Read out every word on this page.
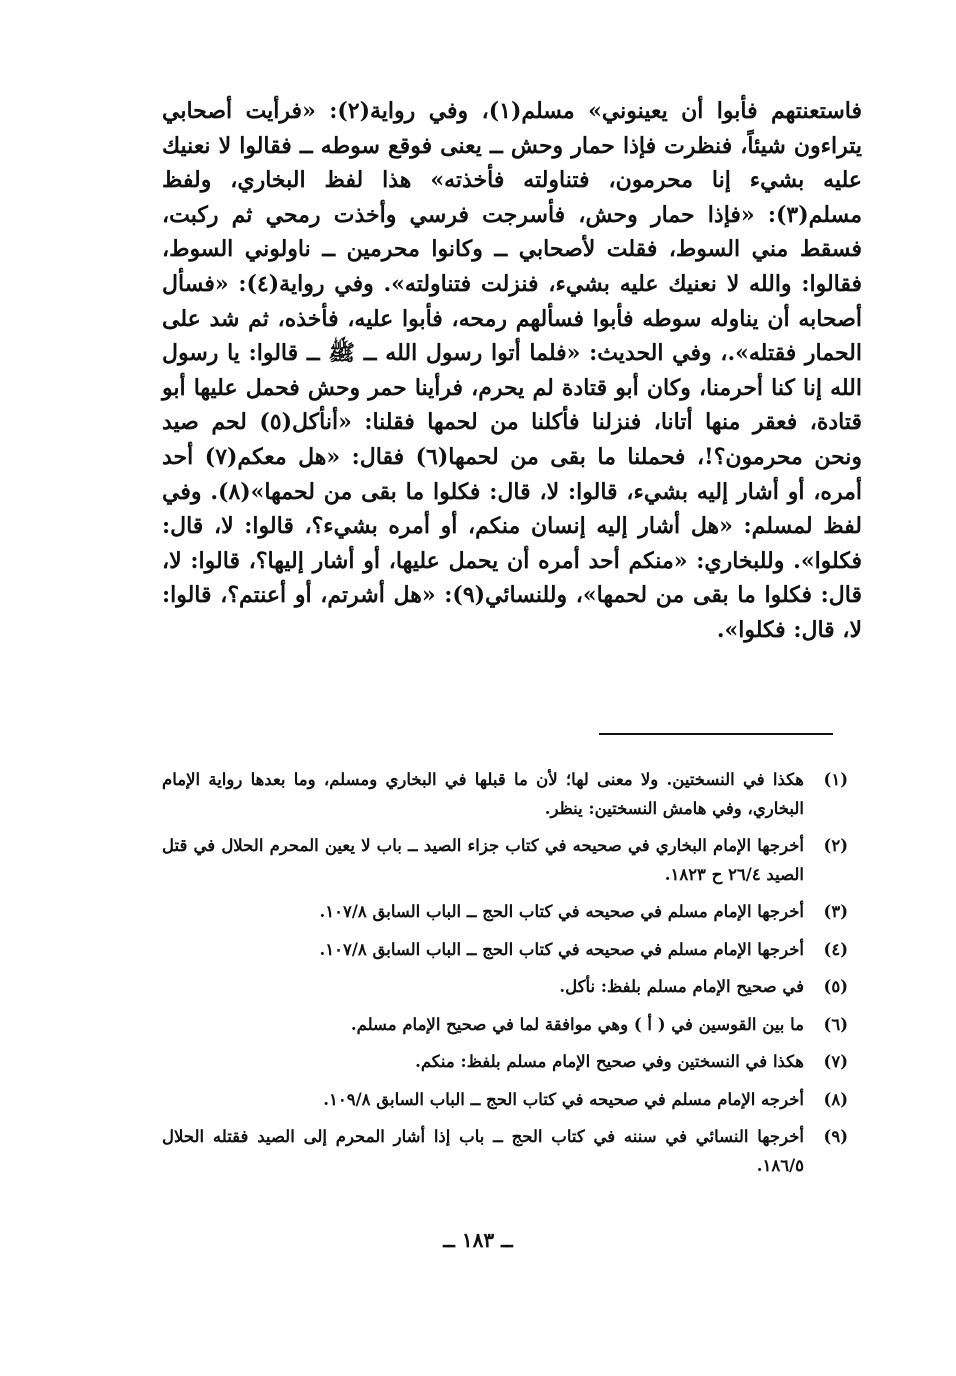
فاستعنتهم فأبوا أن يعينوني» مسلم(١)، وفي رواية(٢): «فرأيت أصحابي يتراءون شيئاً، فنظرت فإذا حمار وحش ــ يعنى فوقع سوطه ــ فقالوا لا نعنيك عليه بشيء إنا محرمون، فتناولته فأخذته» هذا لفظ البخاري، ولفظ مسلم(٣): «فإذا حمار وحش، فأسرجت فرسي وأخذت رمحي ثم ركبت، فسقط مني السوط، فقلت لأصحابي ــ وكانوا محرمين ــ ناولوني السوط، فقالوا: والله لا نعنيك عليه بشيء، فنزلت فتناولته». وفي رواية(٤): «فسأل أصحابه أن يناوله سوطه فأبوا فسألهم رمحه، فأبوا عليه، فأخذه، ثم شد على الحمار فقتله».، وفي الحديث: «فلما أتوا رسول الله ــ ﷺ ــ قالوا: يا رسول الله إنا كنا أحرمنا، وكان أبو قتادة لم يحرم، فرأينا حمر وحش فحمل عليها أبو قتادة، فعقر منها أتانا، فنزلنا فأكلنا من لحمها فقلنا: «أنأكل(٥) لحم صيد ونحن محرمون؟!، فحملنا ما بقى من لحمها(٦) فقال: «هل معكم(٧) أحد أمره، أو أشار إليه بشيء، قالوا: لا، قال: فكلوا ما بقى من لحمها»(٨). وفي لفظ لمسلم: «هل أشار إليه إنسان منكم، أو أمره بشيء؟، قالوا: لا، قال: فكلوا». وللبخاري: «منكم أحد أمره أن يحمل عليها، أو أشار إليها؟، قالوا: لا، قال: فكلوا ما بقى من لحمها»، وللنسائي(٩): «هل أشرتم، أو أعنتم؟، قالوا: لا، قال: فكلوا».

(١)
هكذا في النسختين. ولا معنى لها؛ لأن ما قبلها في البخاري ومسلم، وما بعدها رواية الإمام البخاري، وفي هامش النسختين: ينظر.
(٢)
أخرجها الإمام البخاري في صحيحه في كتاب جزاء الصيد ــ باب لا يعين المحرم الحلال في قتل الصيد ٢٦/٤ ح ١٨٢٣.
(٣)
أخرجها الإمام مسلم في صحيحه في كتاب الحج ــ الباب السابق ١٠٧/٨.
(٤)
أخرجها الإمام مسلم في صحيحه في كتاب الحج ــ الباب السابق ١٠٧/٨.
(٥)
في صحيح الإمام مسلم بلفظ: نأكل.
(٦)
ما بين القوسين في ( أ ) وهي موافقة لما في صحيح الإمام مسلم.
(٧)
هكذا في النسختين وفي صحيح الإمام مسلم بلفظ: منكم.
(٨)
أخرجه الإمام مسلم في صحيحه في كتاب الحج ــ الباب السابق ١٠٩/٨.
(٩)
أخرجها النسائي في سننه في كتاب الحج ــ باب إذا أشار المحرم إلى الصيد فقتله الحلال ١٨٦/٥.
ــ ١٨٣ ــ
